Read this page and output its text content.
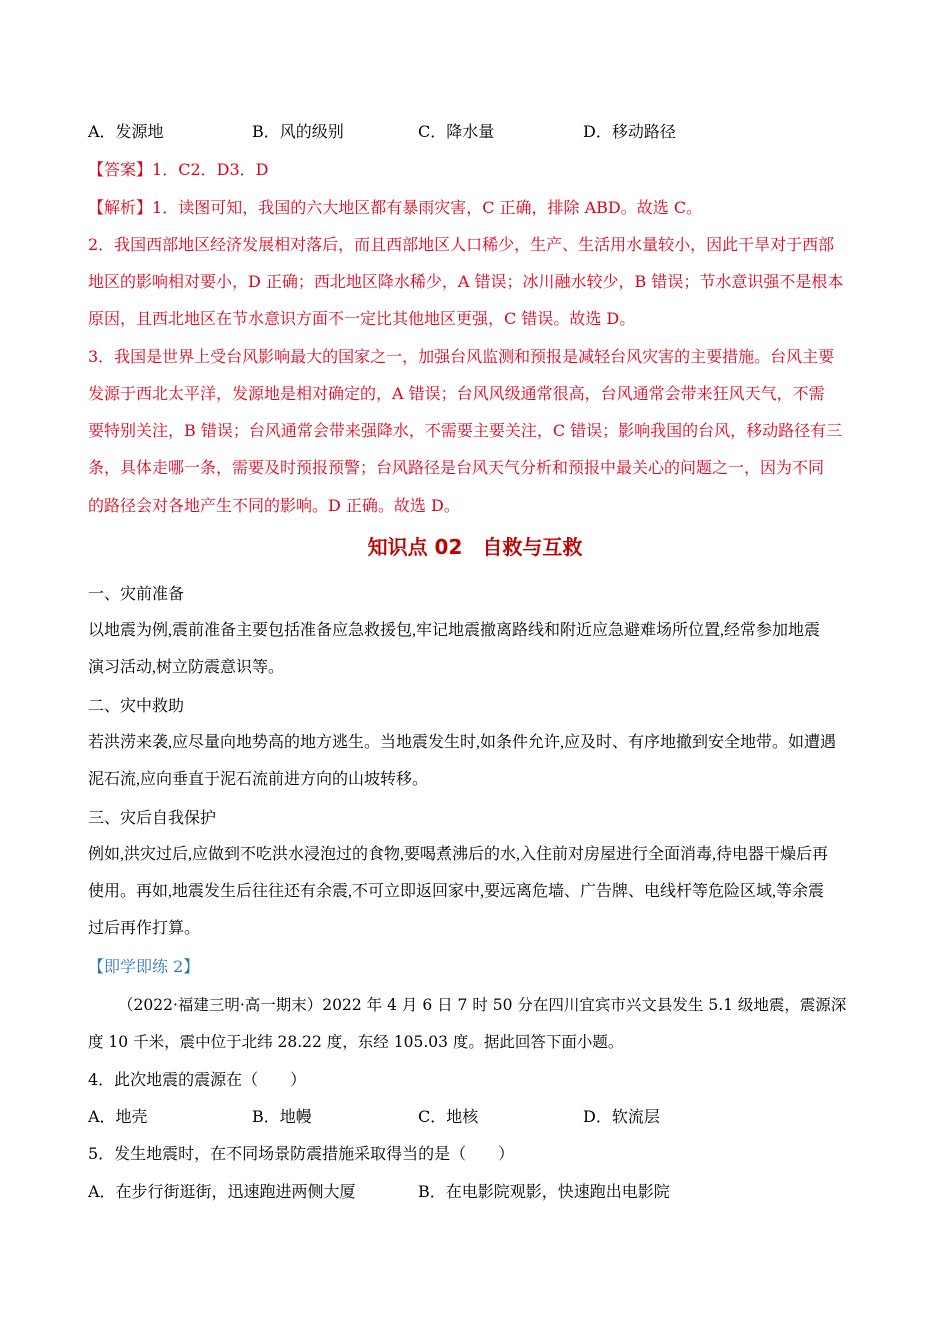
A．发源地	B．风的级别	C．降水量	D．移动路径
【答案】1．C2．D3．D
【解析】1．读图可知，我国的六大地区都有暴雨灾害，C 正确，排除 ABD。故选 C。
2．我国西部地区经济发展相对落后，而且西部地区人口稀少，生产、生活用水量较小，因此干旱对于西部
地区的影响相对要小，D 正确；西北地区降水稀少，A 错误；冰川融水较少，B 错误；节水意识强不是根本
原因，且西北地区在节水意识方面不一定比其他地区更强，C 错误。故选 D。
3．我国是世界上受台风影响最大的国家之一，加强台风监测和预报是减轻台风灾害的主要措施。台风主要
发源于西北太平洋，发源地是相对确定的，A 错误；台风风级通常很高，台风通常会带来狂风天气，不需
要特别关注，B 错误；台风通常会带来强降水，不需要主要关注，C 错误；影响我国的台风，移动路径有三
条，具体走哪一条，需要及时预报预警；台风路径是台风天气分析和预报中最关心的问题之一，因为不同
的路径会对各地产生不同的影响。D 正确。故选 D。
知识点 02　自救与互救
一、灾前准备
以地震为例,震前准备主要包括准备应急救援包,牢记地震撤离路线和附近应急避难场所位置,经常参加地震
演习活动,树立防震意识等。
二、灾中救助
若洪涝来袭,应尽量向地势高的地方逃生。当地震发生时,如条件允许,应及时、有序地撤到安全地带。如遭遇
泥石流,应向垂直于泥石流前进方向的山坡转移。
三、灾后自我保护
例如,洪灾过后,应做到不吃洪水浸泡过的食物,要喝煮沸后的水,入住前对房屋进行全面消毒,待电器干燥后再
使用。再如,地震发生后往往还有余震,不可立即返回家中,要远离危墙、广告牌、电线杆等危险区域,等余震
过后再作打算。
【即学即练 2】
（2022·福建三明·高一期末）2022 年 4 月 6 日 7 时 50 分在四川宜宾市兴文县发生 5.1 级地震，震源深
度 10 千米，震中位于北纬 28.22 度，东经 105.03 度。据此回答下面小题。
4．此次地震的震源在（　　）
A．地壳	B．地幔	C．地核	D．软流层
5．发生地震时，在不同场景防震措施采取得当的是（　　）
A．在步行街逛街，迅速跑进两侧大厦	B．在电影院观影，快速跑出电影院
